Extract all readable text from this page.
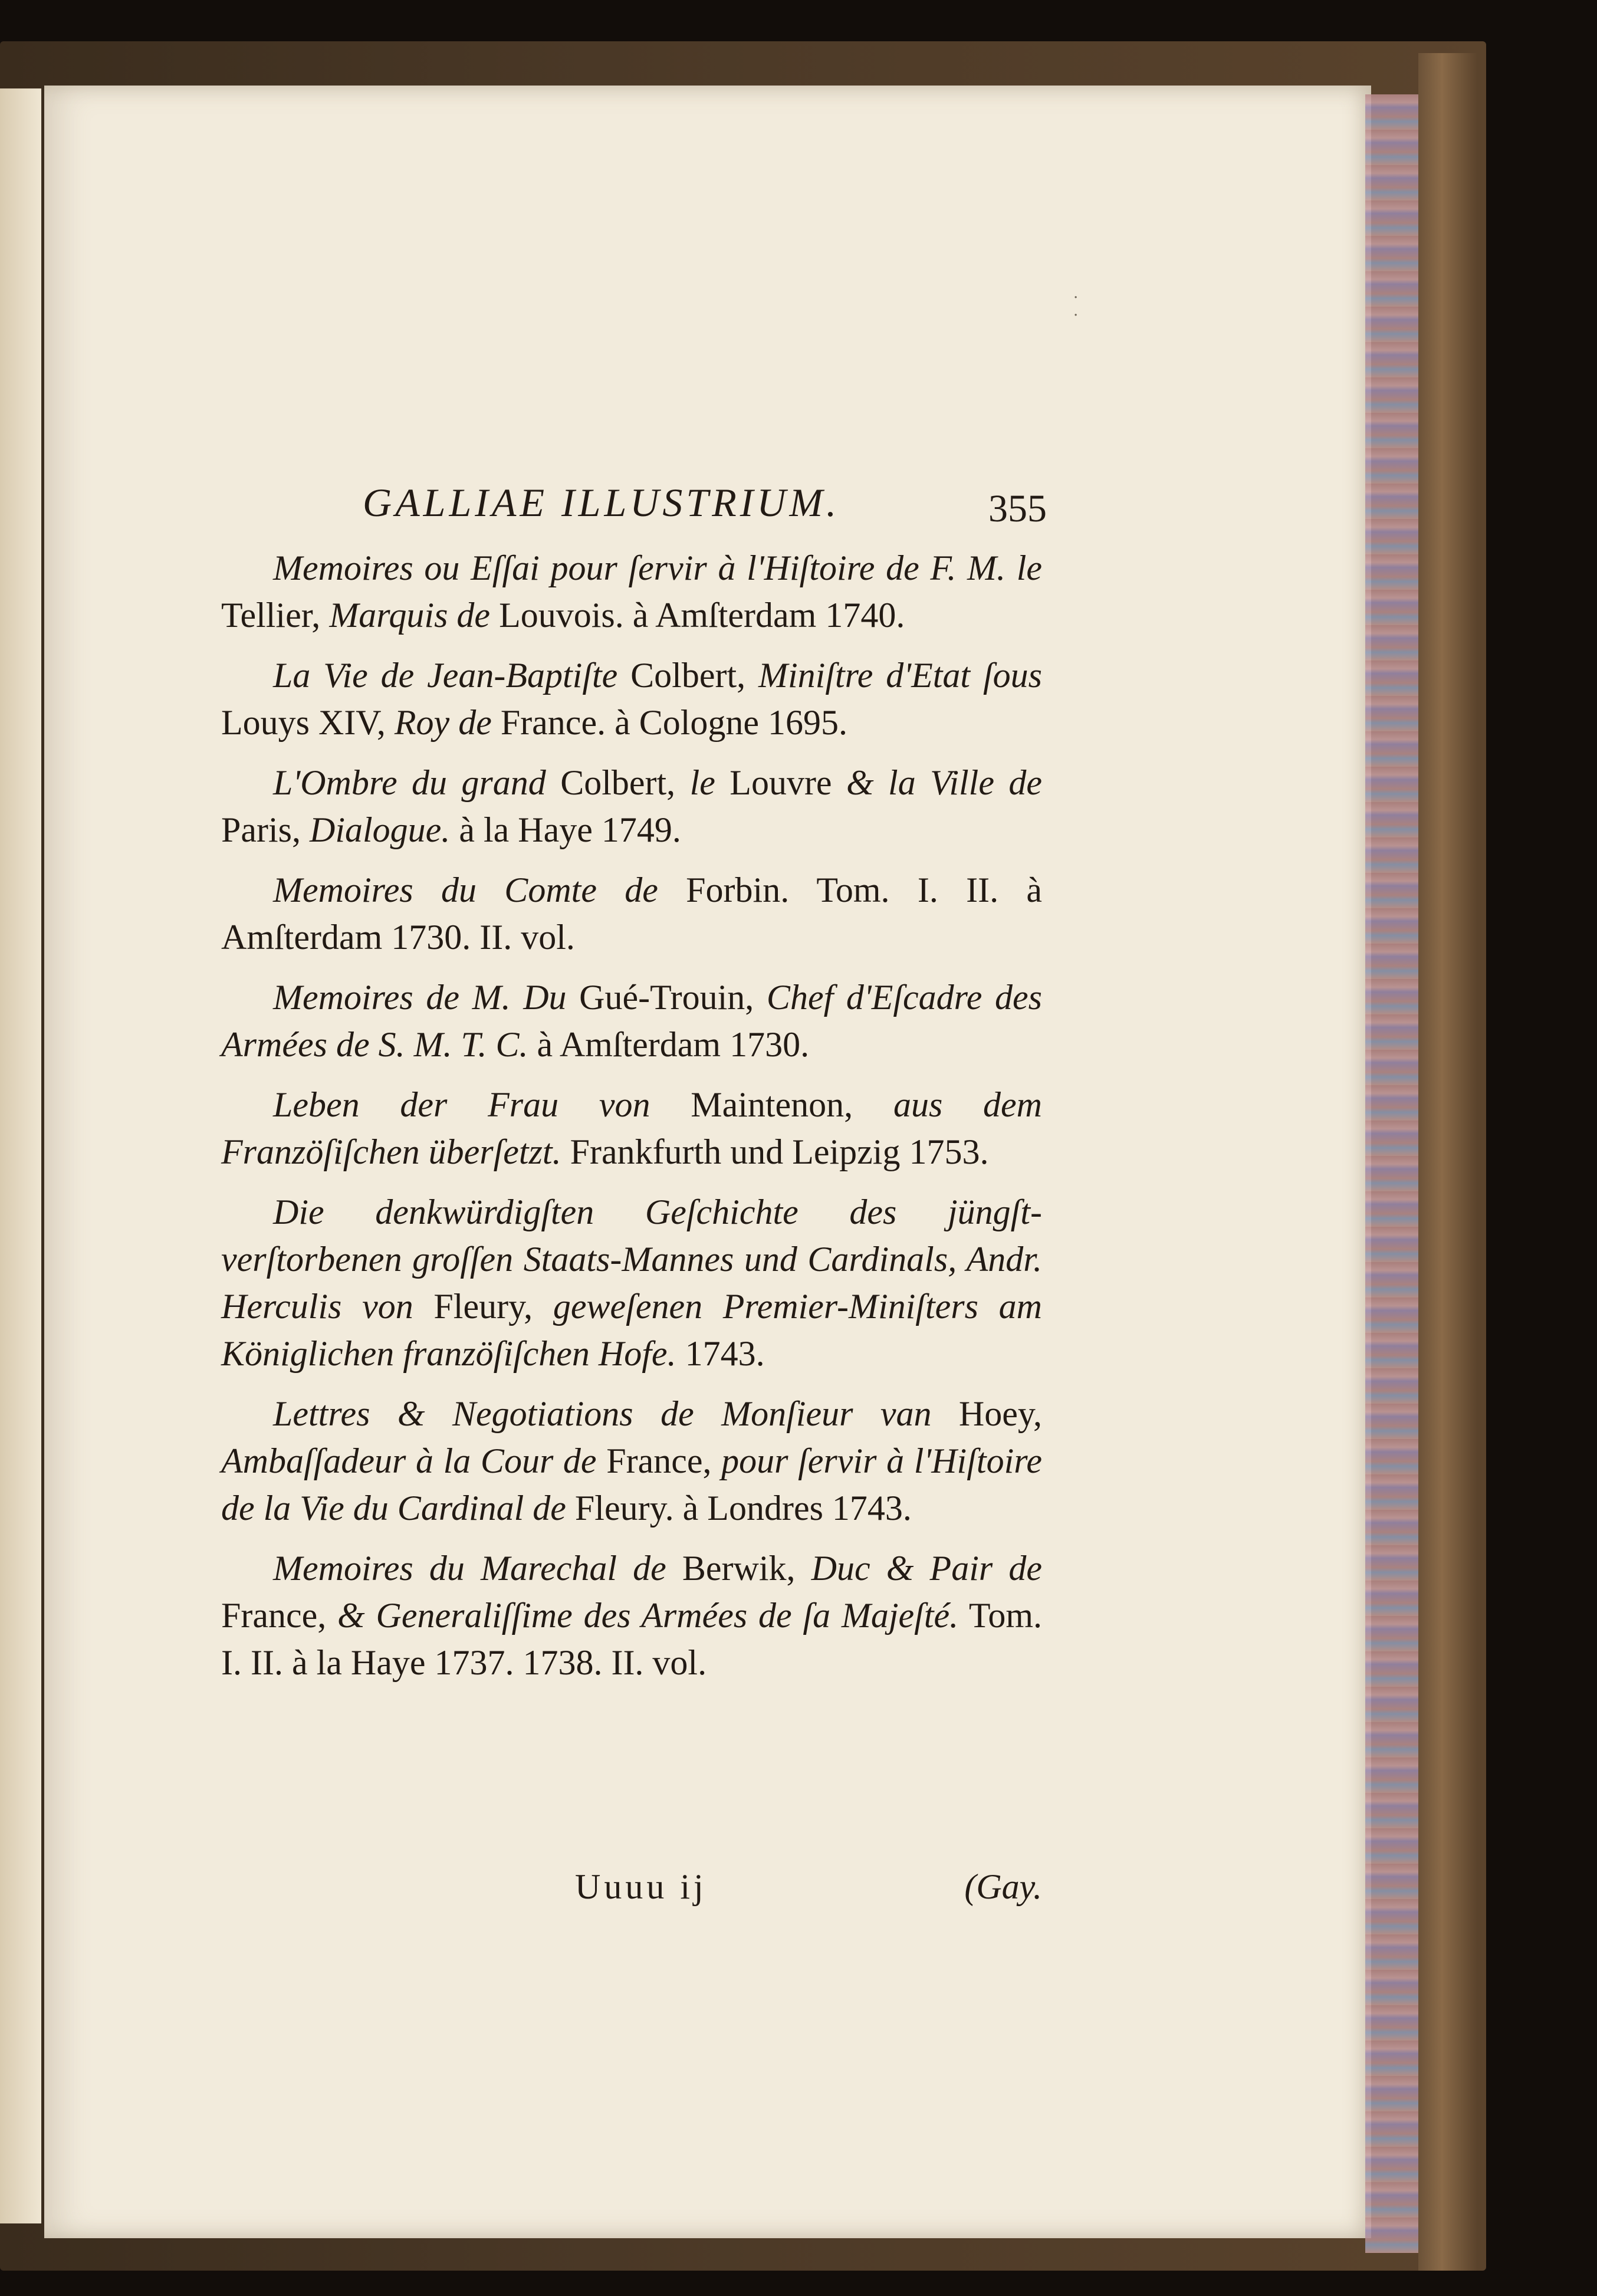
· ·
GALLIAE ILLUSTRIUM.	355

Memoires ou Eſſai pour ſervir à l'Hiſtoire de F. M. le Tellier, Marquis de Louvois. à Amſterdam 1740.

La Vie de Jean-Baptiſte Colbert, Miniſtre d'Etat ſous Louys XIV, Roy de France. à Cologne 1695.

L'Ombre du grand Colbert, le Louvre & la Ville de Paris, Dialogue. à la Haye 1749.

Memoires du Comte de Forbin. Tom. I. II. à Amſterdam 1730. II. vol.

Memoires de M. Du Gué-Trouin, Chef d'Eſcadre des Armées de S. M. T. C. à Amſterdam 1730.

Leben der Frau von Maintenon, aus dem Franzöſiſchen überſetzt. Frankfurth und Leipzig 1753.

Die denkwürdigſten Geſchichte des jüngſt-verſtorbenen groſſen Staats-Mannes und Cardinals, Andr. Herculis von Fleury, geweſenen Premier-Miniſters am Königlichen franzöſiſchen Hofe. 1743.

Lettres & Negotiations de Monſieur van Hoey, Ambaſſadeur à la Cour de France, pour ſervir à l'Hiſtoire de la Vie du Cardinal de Fleury. à Londres 1743.

Memoires du Marechal de Berwik, Duc & Pair de France, & Generaliſſime des Armées de ſa Majeſté. Tom. I. II. à la Haye 1737. 1738. II. vol.

Uuuu ij	(Gay.
